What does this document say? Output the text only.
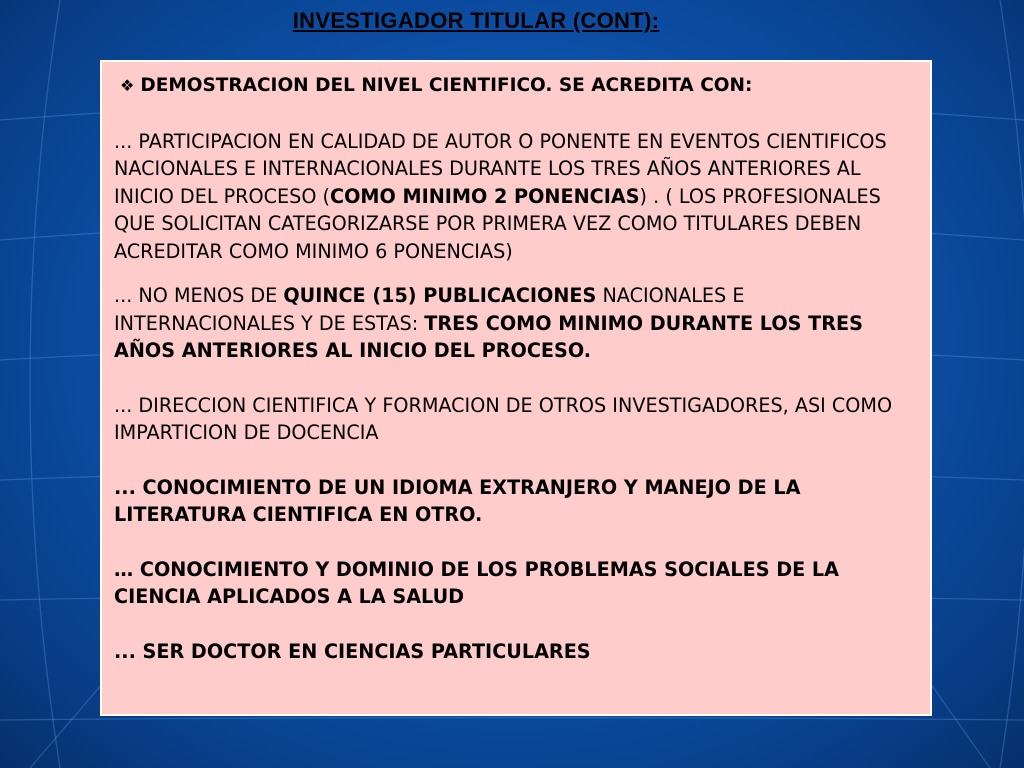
INVESTIGADOR TITULAR (CONT):

❖ DEMOSTRACION DEL NIVEL CIENTIFICO. SE ACREDITA CON:

... PARTICIPACION EN CALIDAD DE AUTOR O PONENTE EN EVENTOS CIENTIFICOS NACIONALES E INTERNACIONALES DURANTE LOS TRES AÑOS ANTERIORES AL INICIO DEL PROCESO (COMO MINIMO 2 PONENCIAS) . ( LOS PROFESIONALES QUE SOLICITAN CATEGORIZARSE POR PRIMERA VEZ COMO TITULARES DEBEN ACREDITAR COMO MINIMO 6 PONENCIAS)

... NO MENOS DE QUINCE (15) PUBLICACIONES NACIONALES E INTERNACIONALES Y DE ESTAS: TRES COMO MINIMO DURANTE LOS TRES AÑOS ANTERIORES AL INICIO DEL PROCESO.

... DIRECCION CIENTIFICA Y FORMACION DE OTROS INVESTIGADORES, ASI COMO IMPARTICION DE DOCENCIA

... CONOCIMIENTO DE UN IDIOMA EXTRANJERO Y MANEJO DE LA LITERATURA CIENTIFICA EN OTRO.

… CONOCIMIENTO Y DOMINIO DE LOS PROBLEMAS SOCIALES DE LA CIENCIA APLICADOS A LA SALUD

... SER DOCTOR EN CIENCIAS PARTICULARES
